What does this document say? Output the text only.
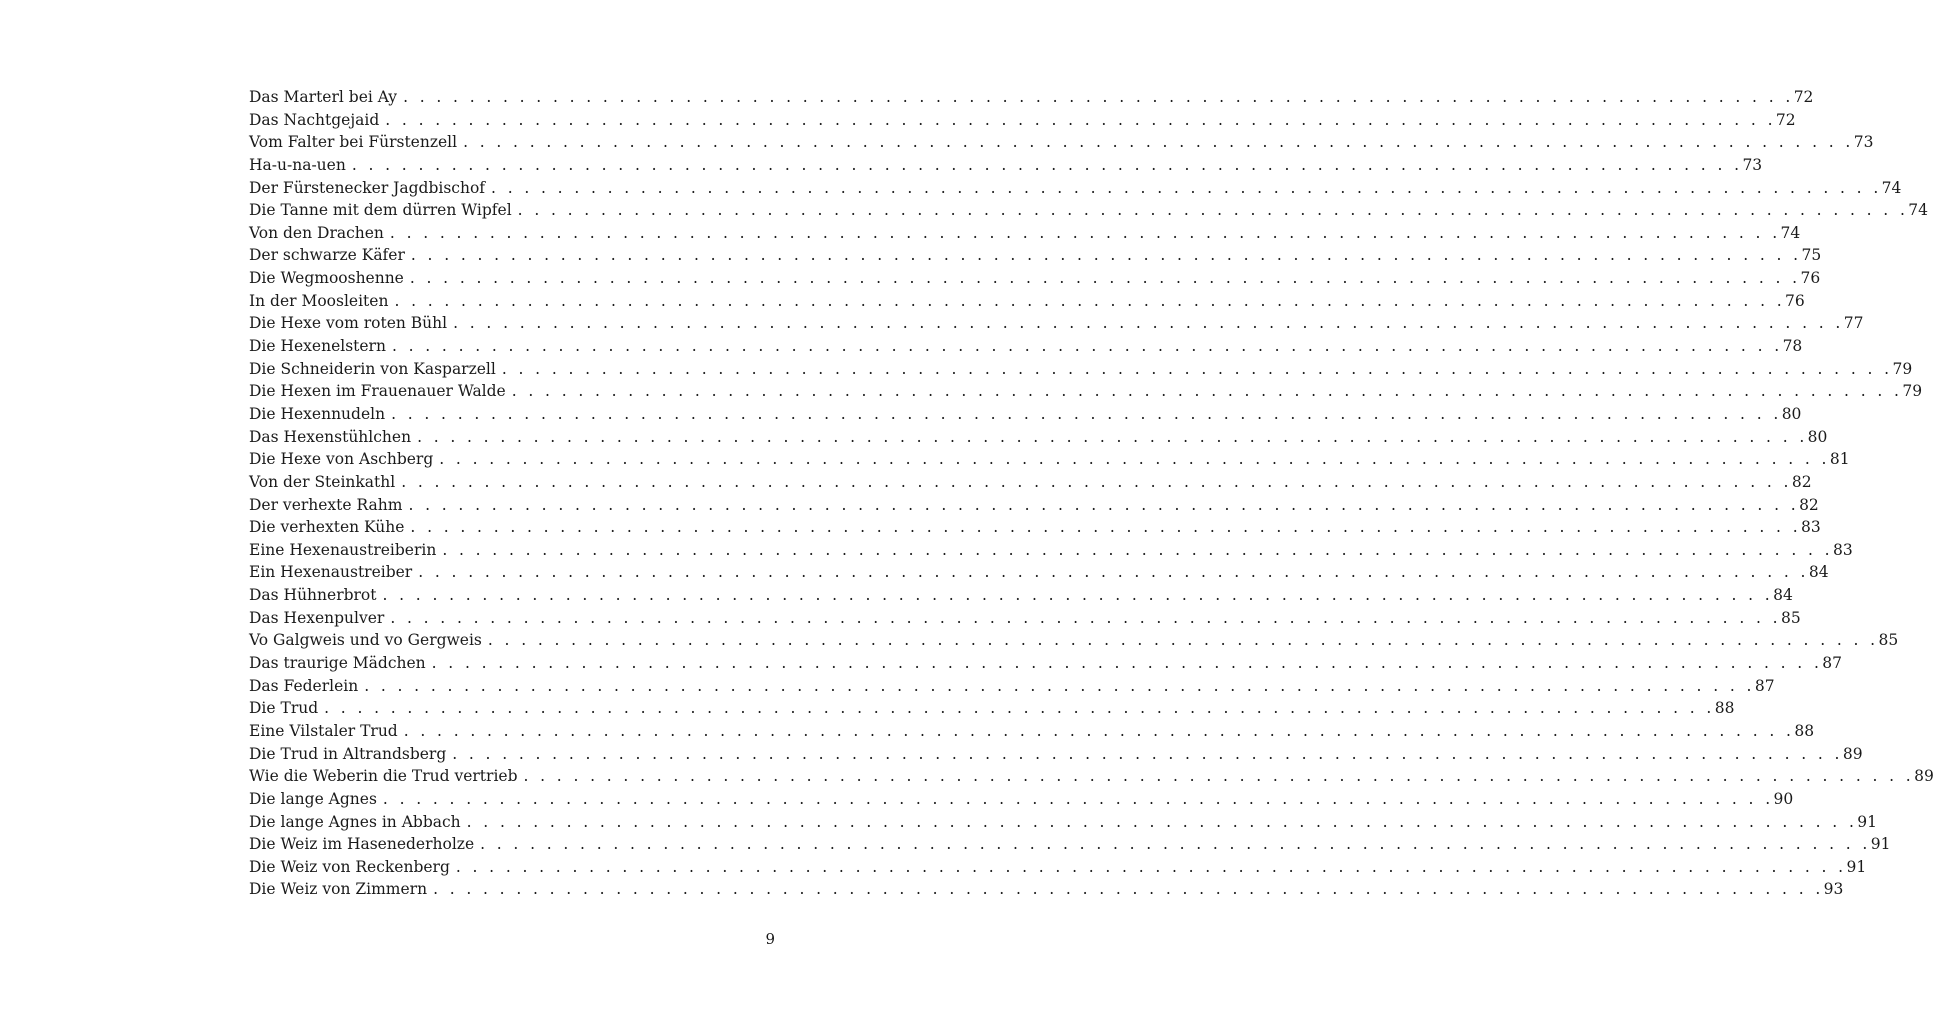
Das Marterl bei Ay . . . . . . . . . . . . . . . . . . . . . . . . . . . . . . . . . . . . . . . . . . . . . . . . . . . . . . . . . . . . . . . . . . . . . . . . . . . . . . . . . . . . 72
Das Nachtgejaid . . . . . . . . . . . . . . . . . . . . . . . . . . . . . . . . . . . . . . . . . . . . . . . . . . . . . . . . . . . . . . . . . . . . . . . . . . . . . . . . . . . . 72
Vom Falter bei Fürstenzell . . . . . . . . . . . . . . . . . . . . . . . . . . . . . . . . . . . . . . . . . . . . . . . . . . . . . . . . . . . . . . . . . . . . . . . . . . . . . . . . . . . . 73
Ha-u-na-uen . . . . . . . . . . . . . . . . . . . . . . . . . . . . . . . . . . . . . . . . . . . . . . . . . . . . . . . . . . . . . . . . . . . . . . . . . . . . . . . . . . . . 73
Der Fürstenecker Jagdbischof . . . . . . . . . . . . . . . . . . . . . . . . . . . . . . . . . . . . . . . . . . . . . . . . . . . . . . . . . . . . . . . . . . . . . . . . . . . . . . . . . . . . 74
Die Tanne mit dem dürren Wipfel . . . . . . . . . . . . . . . . . . . . . . . . . . . . . . . . . . . . . . . . . . . . . . . . . . . . . . . . . . . . . . . . . . . . . . . . . . . . . . . . . . . . 74
Von den Drachen . . . . . . . . . . . . . . . . . . . . . . . . . . . . . . . . . . . . . . . . . . . . . . . . . . . . . . . . . . . . . . . . . . . . . . . . . . . . . . . . . . . . 74
Der schwarze Käfer . . . . . . . . . . . . . . . . . . . . . . . . . . . . . . . . . . . . . . . . . . . . . . . . . . . . . . . . . . . . . . . . . . . . . . . . . . . . . . . . . . . . 75
Die Wegmooshenne . . . . . . . . . . . . . . . . . . . . . . . . . . . . . . . . . . . . . . . . . . . . . . . . . . . . . . . . . . . . . . . . . . . . . . . . . . . . . . . . . . . . 76
In der Moosleiten . . . . . . . . . . . . . . . . . . . . . . . . . . . . . . . . . . . . . . . . . . . . . . . . . . . . . . . . . . . . . . . . . . . . . . . . . . . . . . . . . . . . 76
Die Hexe vom roten Bühl . . . . . . . . . . . . . . . . . . . . . . . . . . . . . . . . . . . . . . . . . . . . . . . . . . . . . . . . . . . . . . . . . . . . . . . . . . . . . . . . . . . . 77
Die Hexenelstern . . . . . . . . . . . . . . . . . . . . . . . . . . . . . . . . . . . . . . . . . . . . . . . . . . . . . . . . . . . . . . . . . . . . . . . . . . . . . . . . . . . . 78
Die Schneiderin von Kasparzell . . . . . . . . . . . . . . . . . . . . . . . . . . . . . . . . . . . . . . . . . . . . . . . . . . . . . . . . . . . . . . . . . . . . . . . . . . . . . . . . . . . . 79
Die Hexen im Frauenauer Walde . . . . . . . . . . . . . . . . . . . . . . . . . . . . . . . . . . . . . . . . . . . . . . . . . . . . . . . . . . . . . . . . . . . . . . . . . . . . . . . . . . . . 79
Die Hexennudeln . . . . . . . . . . . . . . . . . . . . . . . . . . . . . . . . . . . . . . . . . . . . . . . . . . . . . . . . . . . . . . . . . . . . . . . . . . . . . . . . . . . . 80
Das Hexenstühlchen . . . . . . . . . . . . . . . . . . . . . . . . . . . . . . . . . . . . . . . . . . . . . . . . . . . . . . . . . . . . . . . . . . . . . . . . . . . . . . . . . . . . 80
Die Hexe von Aschberg . . . . . . . . . . . . . . . . . . . . . . . . . . . . . . . . . . . . . . . . . . . . . . . . . . . . . . . . . . . . . . . . . . . . . . . . . . . . . . . . . . . . 81
Von der Steinkathl . . . . . . . . . . . . . . . . . . . . . . . . . . . . . . . . . . . . . . . . . . . . . . . . . . . . . . . . . . . . . . . . . . . . . . . . . . . . . . . . . . . . 82
Der verhexte Rahm . . . . . . . . . . . . . . . . . . . . . . . . . . . . . . . . . . . . . . . . . . . . . . . . . . . . . . . . . . . . . . . . . . . . . . . . . . . . . . . . . . . . 82
Die verhexten Kühe . . . . . . . . . . . . . . . . . . . . . . . . . . . . . . . . . . . . . . . . . . . . . . . . . . . . . . . . . . . . . . . . . . . . . . . . . . . . . . . . . . . . 83
Eine Hexenaustreiberin . . . . . . . . . . . . . . . . . . . . . . . . . . . . . . . . . . . . . . . . . . . . . . . . . . . . . . . . . . . . . . . . . . . . . . . . . . . . . . . . . . . . 83
Ein Hexenaustreiber . . . . . . . . . . . . . . . . . . . . . . . . . . . . . . . . . . . . . . . . . . . . . . . . . . . . . . . . . . . . . . . . . . . . . . . . . . . . . . . . . . . . 84
Das Hühnerbrot . . . . . . . . . . . . . . . . . . . . . . . . . . . . . . . . . . . . . . . . . . . . . . . . . . . . . . . . . . . . . . . . . . . . . . . . . . . . . . . . . . . . 84
Das Hexenpulver . . . . . . . . . . . . . . . . . . . . . . . . . . . . . . . . . . . . . . . . . . . . . . . . . . . . . . . . . . . . . . . . . . . . . . . . . . . . . . . . . . . . 85
Vo Galgweis und vo Gergweis . . . . . . . . . . . . . . . . . . . . . . . . . . . . . . . . . . . . . . . . . . . . . . . . . . . . . . . . . . . . . . . . . . . . . . . . . . . . . . . . . . . . 85
Das traurige Mädchen . . . . . . . . . . . . . . . . . . . . . . . . . . . . . . . . . . . . . . . . . . . . . . . . . . . . . . . . . . . . . . . . . . . . . . . . . . . . . . . . . . . . 87
Das Federlein . . . . . . . . . . . . . . . . . . . . . . . . . . . . . . . . . . . . . . . . . . . . . . . . . . . . . . . . . . . . . . . . . . . . . . . . . . . . . . . . . . . . 87
Die Trud . . . . . . . . . . . . . . . . . . . . . . . . . . . . . . . . . . . . . . . . . . . . . . . . . . . . . . . . . . . . . . . . . . . . . . . . . . . . . . . . . . . . 88
Eine Vilstaler Trud . . . . . . . . . . . . . . . . . . . . . . . . . . . . . . . . . . . . . . . . . . . . . . . . . . . . . . . . . . . . . . . . . . . . . . . . . . . . . . . . . . . . 88
Die Trud in Altrandsberg . . . . . . . . . . . . . . . . . . . . . . . . . . . . . . . . . . . . . . . . . . . . . . . . . . . . . . . . . . . . . . . . . . . . . . . . . . . . . . . . . . . . 89
Wie die Weberin die Trud vertrieb . . . . . . . . . . . . . . . . . . . . . . . . . . . . . . . . . . . . . . . . . . . . . . . . . . . . . . . . . . . . . . . . . . . . . . . . . . . . . . . . . . . . 89
Die lange Agnes . . . . . . . . . . . . . . . . . . . . . . . . . . . . . . . . . . . . . . . . . . . . . . . . . . . . . . . . . . . . . . . . . . . . . . . . . . . . . . . . . . . . 90
Die lange Agnes in Abbach . . . . . . . . . . . . . . . . . . . . . . . . . . . . . . . . . . . . . . . . . . . . . . . . . . . . . . . . . . . . . . . . . . . . . . . . . . . . . . . . . . . . 91
Die Weiz im Hasenederholze . . . . . . . . . . . . . . . . . . . . . . . . . . . . . . . . . . . . . . . . . . . . . . . . . . . . . . . . . . . . . . . . . . . . . . . . . . . . . . . . . . . . 91
Die Weiz von Reckenberg . . . . . . . . . . . . . . . . . . . . . . . . . . . . . . . . . . . . . . . . . . . . . . . . . . . . . . . . . . . . . . . . . . . . . . . . . . . . . . . . . . . . 91
Die Weiz von Zimmern . . . . . . . . . . . . . . . . . . . . . . . . . . . . . . . . . . . . . . . . . . . . . . . . . . . . . . . . . . . . . . . . . . . . . . . . . . . . . . . . . . . . 93
9
